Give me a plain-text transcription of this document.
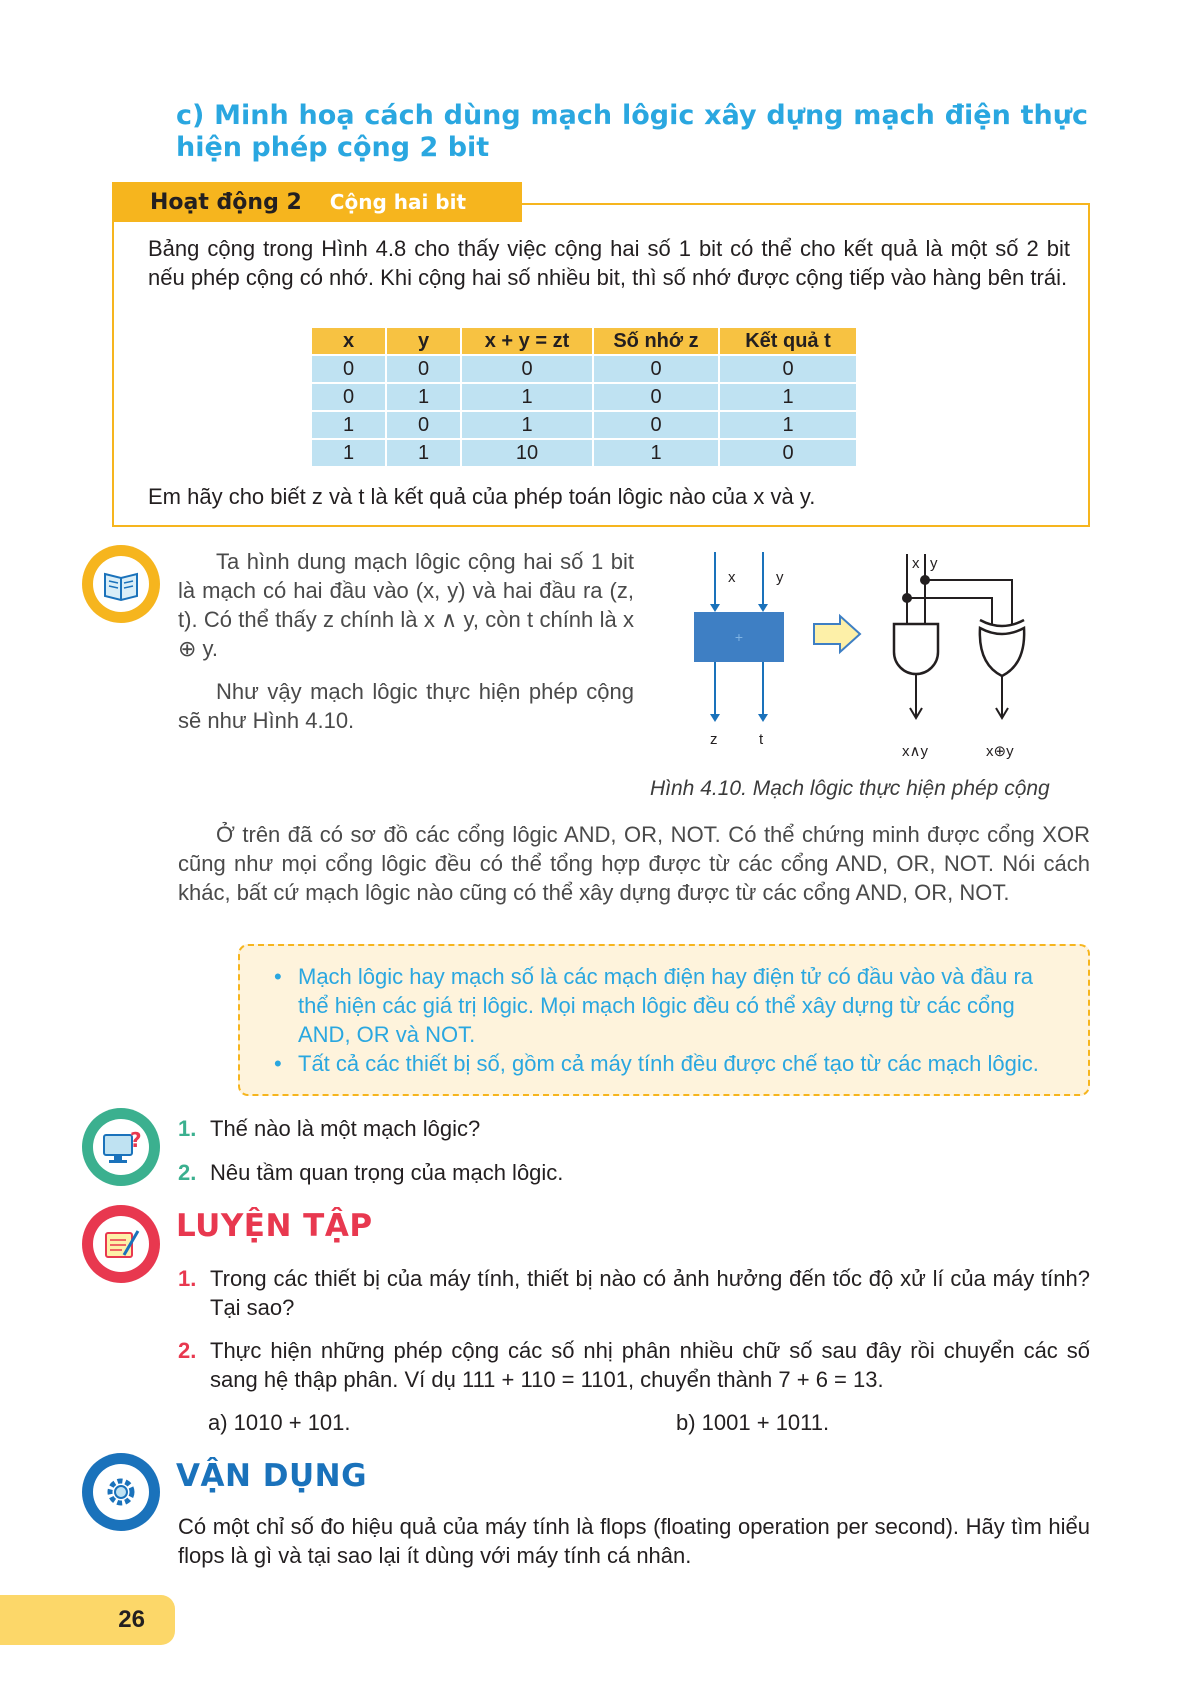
c) Minh hoạ cách dùng mạch lôgic xây dựng mạch điện thực hiện phép cộng 2 bit
Hoạt động 2 Cộng hai bit
Bảng cộng trong Hình 4.8 cho thấy việc cộng hai số 1 bit có thể cho kết quả là một số 2 bit nếu phép cộng có nhớ. Khi cộng hai số nhiều bit, thì số nhớ được cộng tiếp vào hàng bên trái.
x	y	x + y = zt	Số nhớ z	Kết quả t
0	0	0	0	0
0	1	1	0	1
1	0	1	0	1
1	1	10	1	0
Em hãy cho biết z và t là kết quả của phép toán lôgic nào của x và y.
Ta hình dung mạch lôgic cộng hai số 1 bit là mạch có hai đầu vào (x, y) và hai đầu ra (z, t). Có thể thấy z chính là x ∧ y, còn t chính là x ⊕ y.
Như vậy mạch lôgic thực hiện phép cộng sẽ như Hình 4.10.
x	y
+
z	t
x y
x∧y	x⊕y
Hình 4.10. Mạch lôgic thực hiện phép cộng
Ở trên đã có sơ đồ các cổng lôgic AND, OR, NOT. Có thể chứng minh được cổng XOR cũng như mọi cổng lôgic đều có thể tổng hợp được từ các cổng AND, OR, NOT. Nói cách khác, bất cứ mạch lôgic nào cũng có thể xây dựng được từ các cổng AND, OR, NOT.
• Mạch lôgic hay mạch số là các mạch điện hay điện tử có đầu vào và đầu ra thể hiện các giá trị lôgic. Mọi mạch lôgic đều có thể xây dựng từ các cổng AND, OR và NOT.
• Tất cả các thiết bị số, gồm cả máy tính đều được chế tạo từ các mạch lôgic.
? 1. Thế nào là một mạch lôgic?
2. Nêu tầm quan trọng của mạch lôgic.
LUYỆN TẬP
1. Trong các thiết bị của máy tính, thiết bị nào có ảnh hưởng đến tốc độ xử lí của máy tính? Tại sao?
2. Thực hiện những phép cộng các số nhị phân nhiều chữ số sau đây rồi chuyển các số sang hệ thập phân. Ví dụ 111 + 110 = 1101, chuyển thành 7 + 6 = 13.
a) 1010 + 101.	b) 1001 + 1011.
VẬN DỤNG
Có một chỉ số đo hiệu quả của máy tính là flops (floating operation per second). Hãy tìm hiểu flops là gì và tại sao lại ít dùng với máy tính cá nhân.
26
